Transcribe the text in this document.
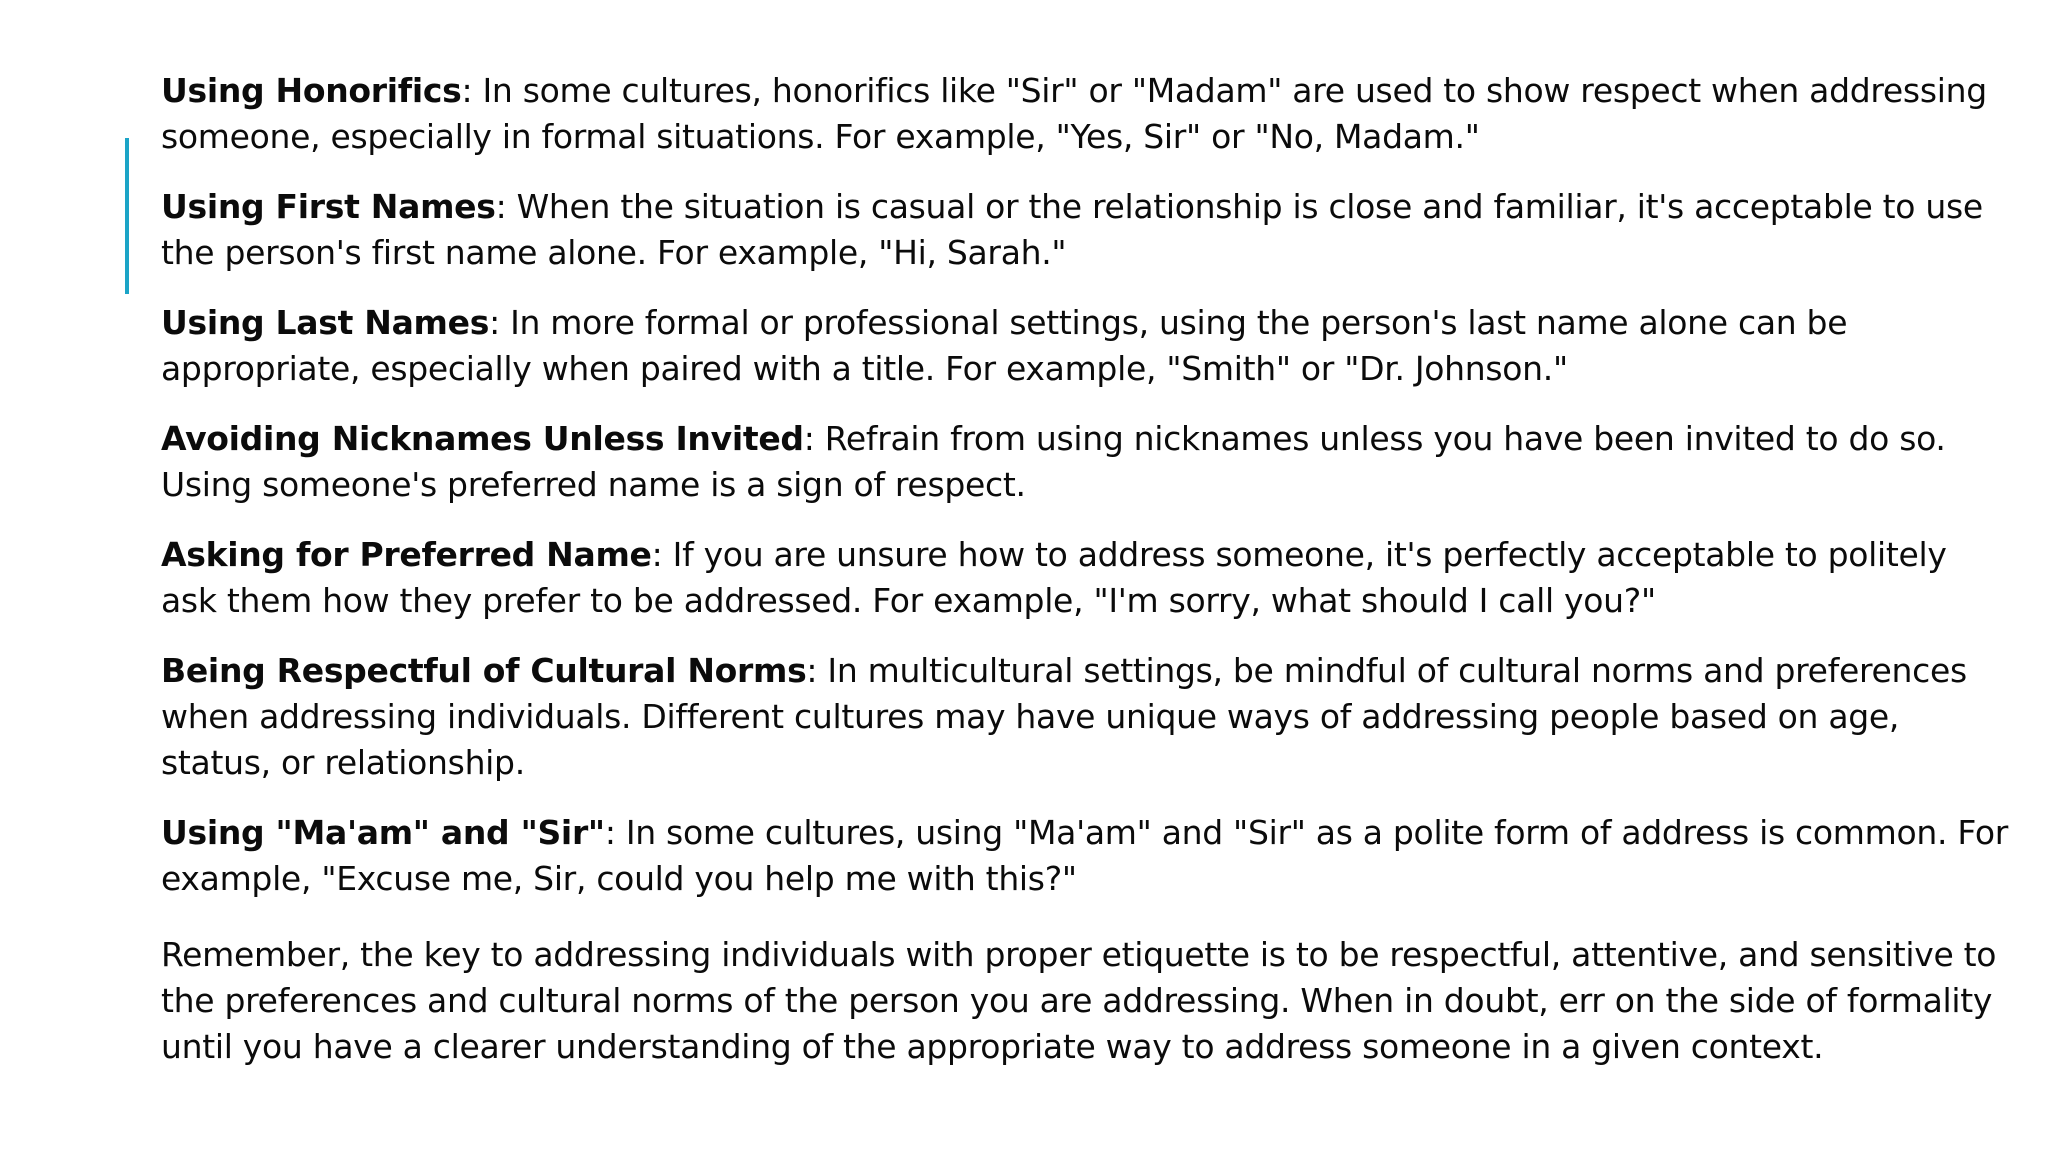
Using Honorifics: In some cultures, honorifics like "Sir" or "Madam" are used to show respect when addressing someone, especially in formal situations. For example, "Yes, Sir" or "No, Madam."

Using First Names: When the situation is casual or the relationship is close and familiar, it's acceptable to use the person's first name alone. For example, "Hi, Sarah."

Using Last Names: In more formal or professional settings, using the person's last name alone can be appropriate, especially when paired with a title. For example, "Smith" or "Dr. Johnson."

Avoiding Nicknames Unless Invited: Refrain from using nicknames unless you have been invited to do so. Using someone's preferred name is a sign of respect.

Asking for Preferred Name: If you are unsure how to address someone, it's perfectly acceptable to politely ask them how they prefer to be addressed. For example, "I'm sorry, what should I call you?"

Being Respectful of Cultural Norms: In multicultural settings, be mindful of cultural norms and preferences when addressing individuals. Different cultures may have unique ways of addressing people based on age, status, or relationship.

Using "Ma'am" and "Sir": In some cultures, using "Ma'am" and "Sir" as a polite form of address is common. For example, "Excuse me, Sir, could you help me with this?"

Remember, the key to addressing individuals with proper etiquette is to be respectful, attentive, and sensitive to the preferences and cultural norms of the person you are addressing. When in doubt, err on the side of formality until you have a clearer understanding of the appropriate way to address someone in a given context.
